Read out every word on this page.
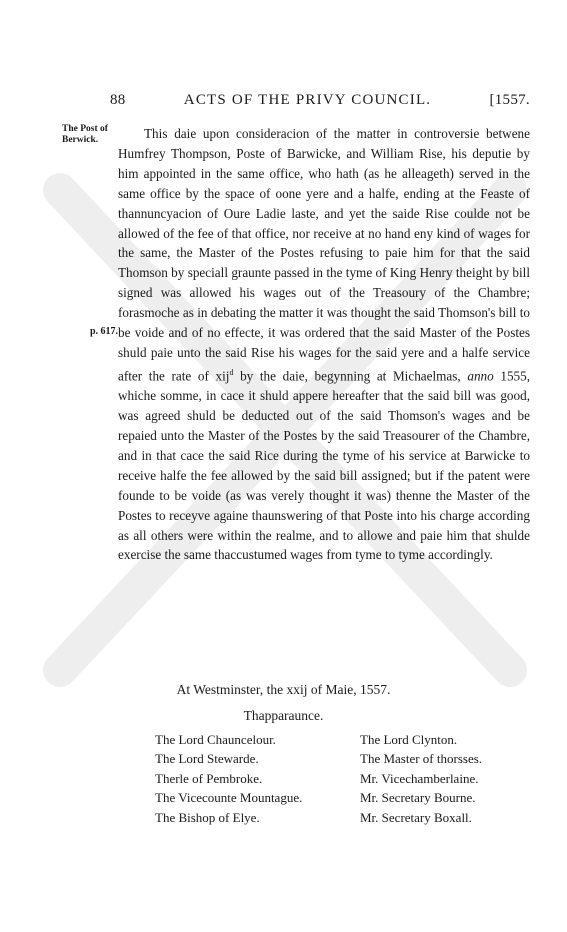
88	ACTS OF THE PRIVY COUNCIL.	[1557.
The Post of
Berwick.
p. 617.

This daie upon consideracion of the matter in controversie betwene Humfrey Thompson, Poste of Barwicke, and William Rise, his deputie by him appointed in the same office, who hath (as he alleageth) served in the same office by the space of oone yere and a halfe, ending at the Feaste of thannuncyacion of Oure Ladie laste, and yet the saide Rise coulde not be allowed of the fee of that office, nor receive at no hand eny kind of wages for the same, the Master of the Postes refusing to paie him for that the said Thomson by speciall graunte passed in the tyme of King Henry theight by bill signed was allowed his wages out of the Treasoury of the Chambre; forasmoche as in debating the matter it was thought the said Thomson's bill to be voide and of no effecte, it was ordered that the said Master of the Postes shuld paie unto the said Rise his wages for the said yere and a halfe service after the rate of xij$^d$ by the daie, begynning at Michaelmas, anno 1555, whiche somme, in cace it shuld appere hereafter that the said bill was good, was agreed shuld be deducted out of the said Thomson's wages and be repaied unto the Master of the Postes by the said Treasourer of the Chambre, and in that cace the said Rice during the tyme of his service at Barwicke to receive halfe the fee allowed by the said bill assigned; but if the patent were founde to be voide (as was verely thought it was) thenne the Master of the Postes to receyve againe thaunswering of that Poste into his charge according as all others were within the realme, and to allowe and paie him that shulde exercise the same thaccustumed wages from tyme to tyme accordingly.

At Westminster, the xxij of Maie, 1557.
Thapparaunce.
The Lord Chauncelour.	The Lord Clynton.
The Lord Stewarde.	The Master of thorsses.
Therle of Pembroke.	Mr. Vicechamberlaine.
The Vicecounte Mountague.	Mr. Secretary Bourne.
The Bishop of Elye.	Mr. Secretary Boxall.
